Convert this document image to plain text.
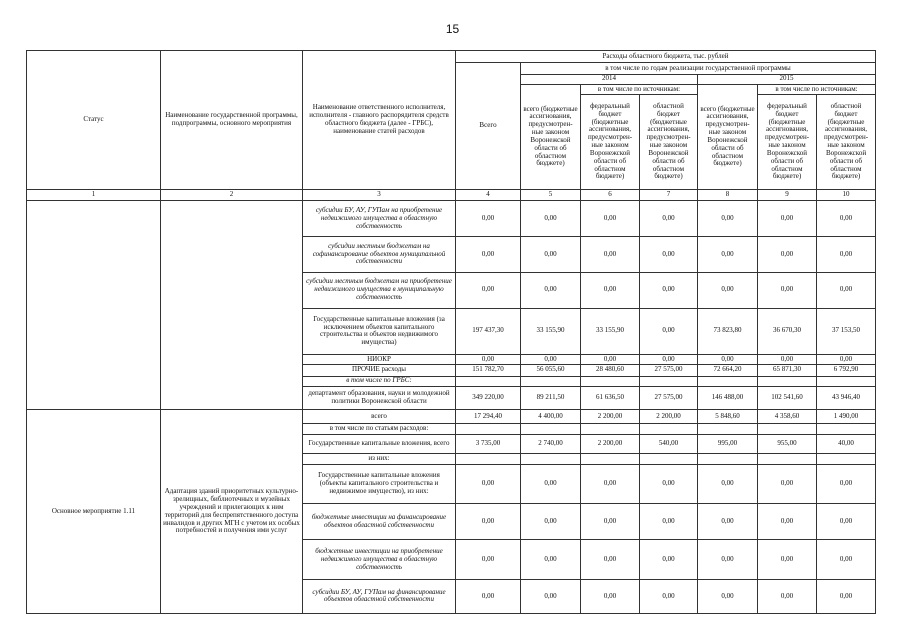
15
Статус	Наименование государственной программы, подпрограммы, основного мероприятия	Наименование ответственного исполнителя, исполнителя - главного распорядителя средств областного бюджета (далее - ГРБС), наименование статей расходов	Расходы областного бюджета, тыс. рублей						
			Всего	в том числе по годам реализации государственной программы					
				2014			2015		
				всего (бюджетные ассигнования, предусмотрен-ные законом Воронежской области об областном бюджете)	в том числе по источникам:		всего (бюджетные ассигнования, предусмотрен-ные законом Воронежской области об областном бюджете)	в том числе по источникам:	
					федеральный бюджет (бюджетные ассигнования, предусмотрен-ные законом Воронежской области об областном бюджете)	областной бюджет (бюджетные ассигнования, предусмотрен-ные законом Воронежской области об областном бюджете)		федеральный бюджет (бюджетные ассигнования, предусмотрен-ные законом Воронежской области об областном бюджете)	областной бюджет (бюджетные ассигнования, предусмотрен-ные законом Воронежской области об областном бюджете)
1	2	3	4	5	6	7	8	9	10
		субсидии БУ, АУ, ГУПам на приобретение недвижимого имущества в областную собственность	0,00	0,00	0,00	0,00	0,00	0,00	0,00
		субсидии местным бюджетам на софинансирование объектов муниципальной собственности	0,00	0,00	0,00	0,00	0,00	0,00	0,00
		субсидии местным бюджетам на приобретение недвижимого имущества в муниципальную собственность	0,00	0,00	0,00	0,00	0,00	0,00	0,00
		Государственные капитальные вложения (за исключением объектов капитального строительства и объектов недвижимого имущества)	197 437,30	33 155,90	33 155,90	0,00	73 823,80	36 670,30	37 153,50
		НИОКР	0,00	0,00	0,00	0,00	0,00	0,00	0,00
		ПРОЧИЕ расходы	151 782,70	56 055,60	28 480,60	27 575,00	72 664,20	65 871,30	6 792,90
		в том числе по ГРБС:							
		департамент образования, науки и молодежной политики Воронежской области	349 220,00	89 211,50	61 636,50	27 575,00	146 488,00	102 541,60	43 946,40
Основное мероприятие 1.11	Адаптация зданий приоритетных культурно-зрелищных, библиотечных и музейных учреждений и прилегающих к ним территорий для беспрепятственного доступа инвалидов и других МГН с учетом их особых потребностей и получения ими услуг	всего	17 294,40	4 400,00	2 200,00	2 200,00	5 848,60	4 358,60	1 490,00
		в том числе по статьям расходов:							
		Государственные капитальные вложения, всего	3 735,00	2 740,00	2 200,00	540,00	995,00	955,00	40,00
		из них:							
		Государственные капитальные вложения (объекты капитального строительства и недвижимое имущество), из них:	0,00	0,00	0,00	0,00	0,00	0,00	0,00
		бюджетные инвестиции на финансирование объектов областной собственности	0,00	0,00	0,00	0,00	0,00	0,00	0,00
		бюджетные инвестиции на приобретение недвижимого имущества в областную собственность	0,00	0,00	0,00	0,00	0,00	0,00	0,00
		субсидии БУ, АУ, ГУПам на финансирование объектов областной собственности	0,00	0,00	0,00	0,00	0,00	0,00	0,00
